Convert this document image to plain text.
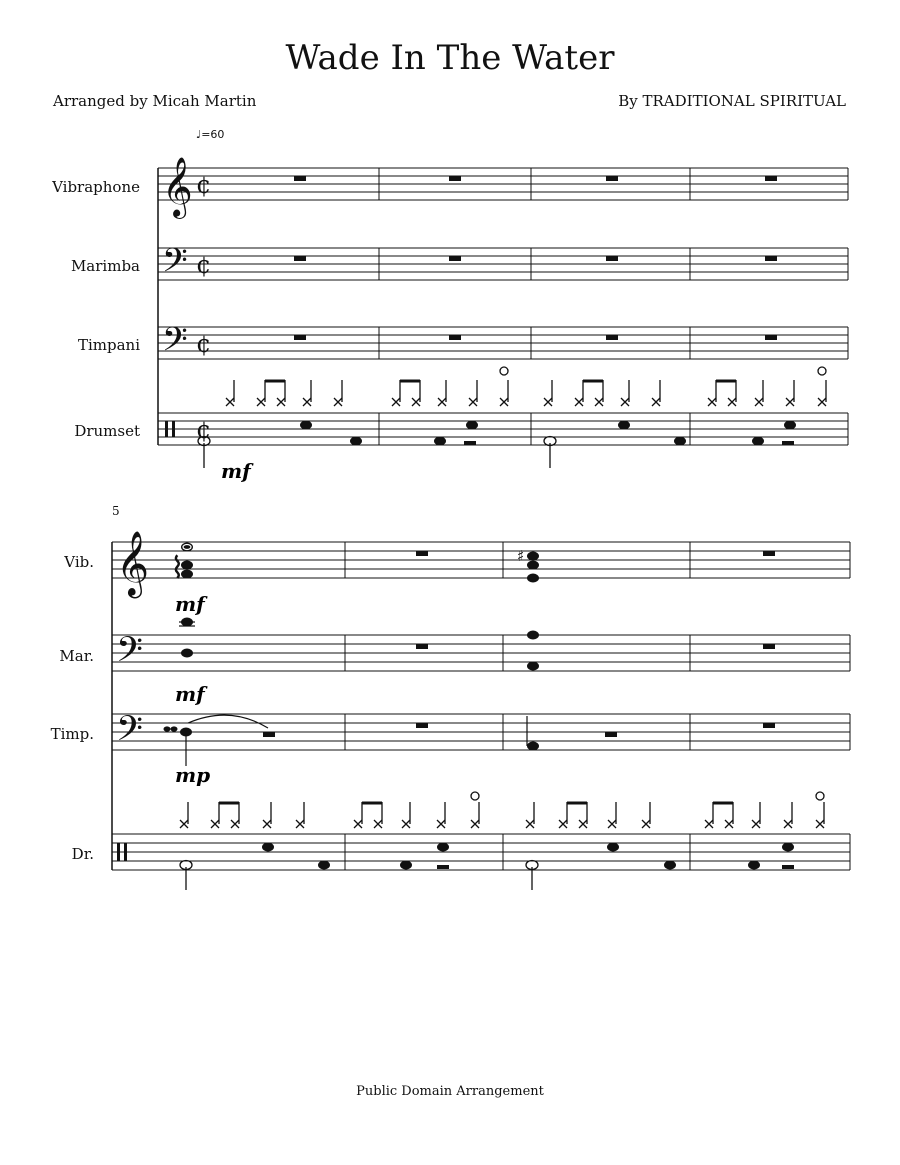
Wade In The Water
Arranged by Micah Martin	By TRADITIONAL SPIRITUAL
♩=60
Vibraphone
Marimba
Timpani
Drumset
5
Vib.
Mar.
Timp.
Dr.
Public Domain Arrangement
𝄞
𝄢
𝄢
¢
¢
¢
¢
𝄞
𝄢
𝄢
⌇	♯
mf
mf
mf
mp
